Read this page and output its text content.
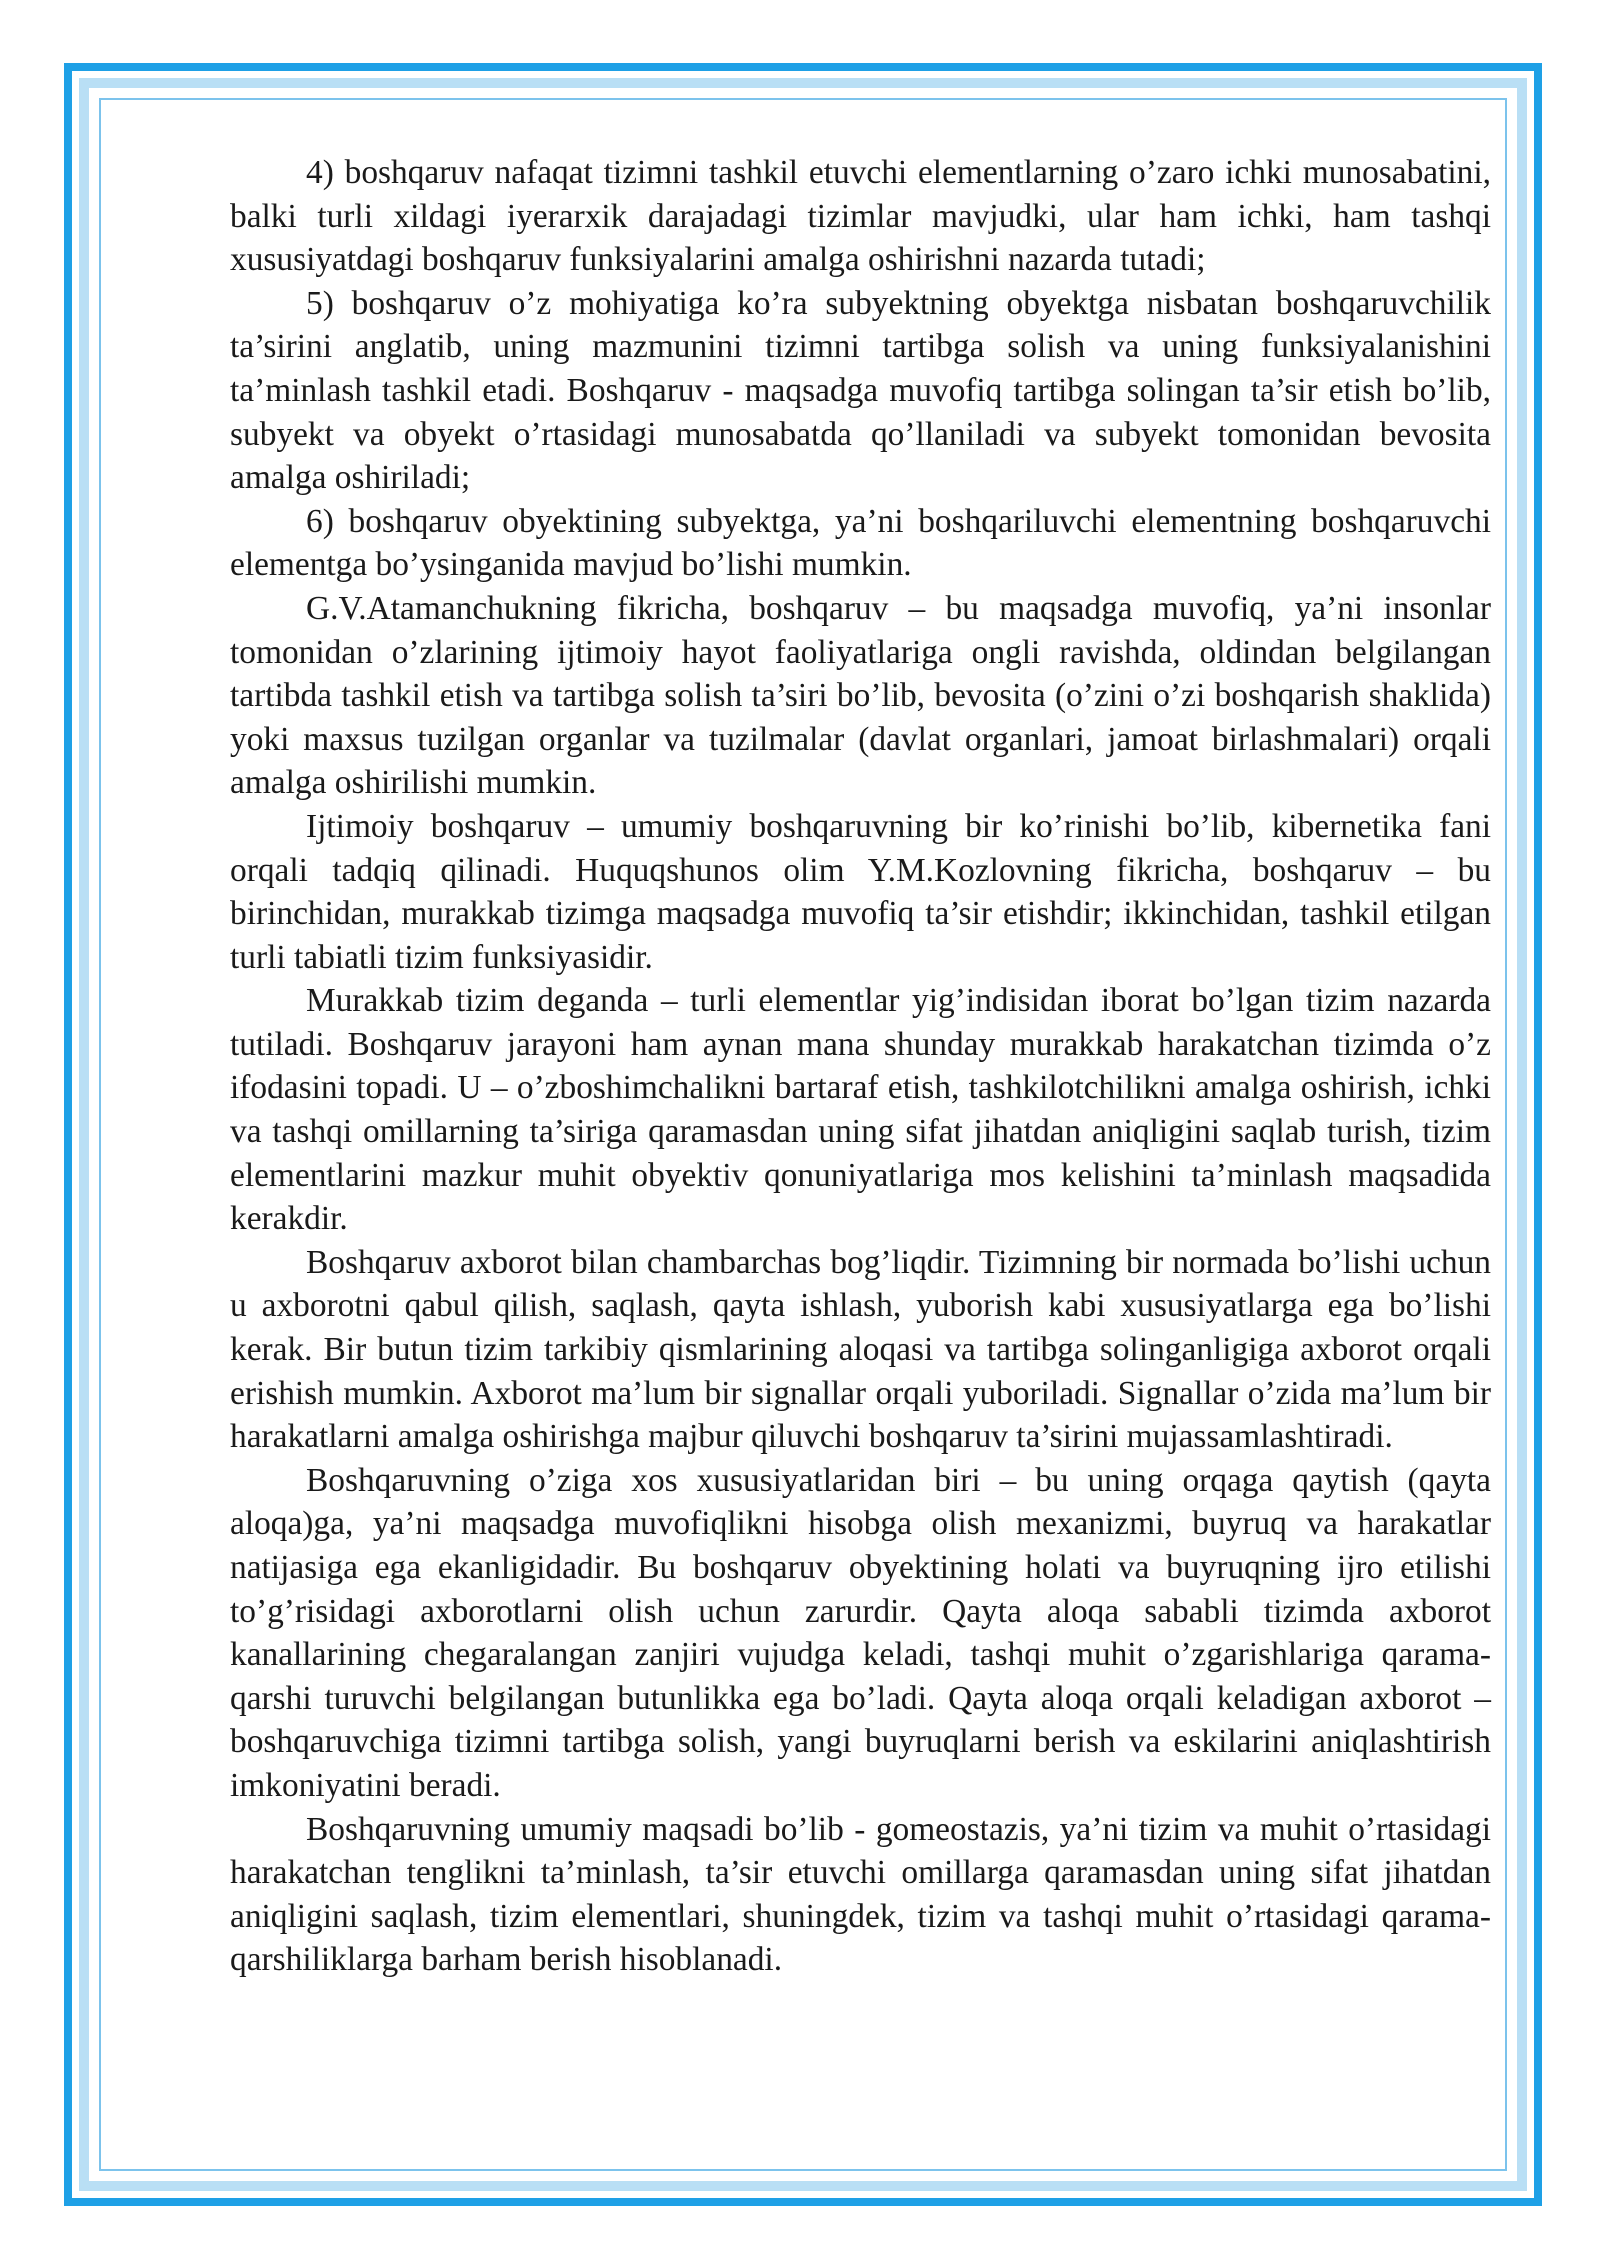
4) boshqaruv nafaqat tizimni tashkil etuvchi elementlarning o’zaro ichki munosabatini, balki turli xildagi iyerarxik darajadagi tizimlar mavjudki, ular ham ichki, ham tashqi xususiyatdagi boshqaruv funksiyalarini amalga oshirishni nazarda tutadi;

5) boshqaruv o’z mohiyatiga ko’ra subyektning obyektga nisbatan boshqaruvchilik ta’sirini anglatib, uning mazmunini tizimni tartibga solish va uning funksiyalanishini ta’minlash tashkil etadi. Boshqaruv - maqsadga muvofiq tartibga solingan ta’sir etish bo’lib, subyekt va obyekt o’rtasidagi munosabatda qo’llaniladi va subyekt tomonidan bevosita amalga oshiriladi;

6) boshqaruv obyektining subyektga, ya’ni boshqariluvchi elementning boshqaruvchi elementga bo’ysinganida mavjud bo’lishi mumkin.

G.V.Atamanchukning fikricha, boshqaruv – bu maqsadga muvofiq, ya’ni insonlar tomonidan o’zlarining ijtimoiy hayot faoliyatlariga ongli ravishda, oldindan belgilangan tartibda tashkil etish va tartibga solish ta’siri bo’lib, bevosita (o’zini o’zi boshqarish shaklida) yoki maxsus tuzilgan organlar va tuzilmalar (davlat organlari, jamoat birlashmalari) orqali amalga oshirilishi mumkin.

Ijtimoiy boshqaruv – umumiy boshqaruvning bir ko’rinishi bo’lib, kibernetika fani orqali tadqiq qilinadi. Huquqshunos olim Y.M.Kozlovning fikricha, boshqaruv – bu birinchidan, murakkab tizimga maqsadga muvofiq ta’sir etishdir; ikkinchidan, tashkil etilgan turli tabiatli tizim funksiyasidir.

Murakkab tizim deganda – turli elementlar yig’indisidan iborat bo’lgan tizim nazarda tutiladi. Boshqaruv jarayoni ham aynan mana shunday murakkab harakatchan tizimda o’z ifodasini topadi. U – o’zboshimchalikni bartaraf etish, tashkilotchilikni amalga oshirish, ichki va tashqi omillarning ta’siriga qaramasdan uning sifat jihatdan aniqligini saqlab turish, tizim elementlarini mazkur muhit obyektiv qonuniyatlariga mos kelishini ta’minlash maqsadida kerakdir.

Boshqaruv axborot bilan chambarchas bog’liqdir. Tizimning bir normada bo’lishi uchun u axborotni qabul qilish, saqlash, qayta ishlash, yuborish kabi xususiyatlarga ega bo’lishi kerak. Bir butun tizim tarkibiy qismlarining aloqasi va tartibga solinganligiga axborot orqali erishish mumkin. Axborot ma’lum bir signallar orqali yuboriladi. Signallar o’zida ma’lum bir harakatlarni amalga oshirishga majbur qiluvchi boshqaruv ta’sirini mujassamlashtiradi.

Boshqaruvning o’ziga xos xususiyatlaridan biri – bu uning orqaga qaytish (qayta aloqa)ga, ya’ni maqsadga muvofiqlikni hisobga olish mexanizmi, buyruq va harakatlar natijasiga ega ekanligidadir. Bu boshqaruv obyektining holati va buyruqning ijro etilishi to’g’risidagi axborotlarni olish uchun zarurdir. Qayta aloqa sababli tizimda axborot kanallarining chegaralangan zanjiri vujudga keladi, tashqi muhit o’zgarishlariga qarama-qarshi turuvchi belgilangan butunlikka ega bo’ladi. Qayta aloqa orqali keladigan axborot – boshqaruvchiga tizimni tartibga solish, yangi buyruqlarni berish va eskilarini aniqlashtirish imkoniyatini beradi.

Boshqaruvning umumiy maqsadi bo’lib - gomeostazis, ya’ni tizim va muhit o’rtasidagi harakatchan tenglikni ta’minlash, ta’sir etuvchi omillarga qaramasdan uning sifat jihatdan aniqligini saqlash, tizim elementlari, shuningdek, tizim va tashqi muhit o’rtasidagi qarama-qarshiliklarga barham berish hisoblanadi.
